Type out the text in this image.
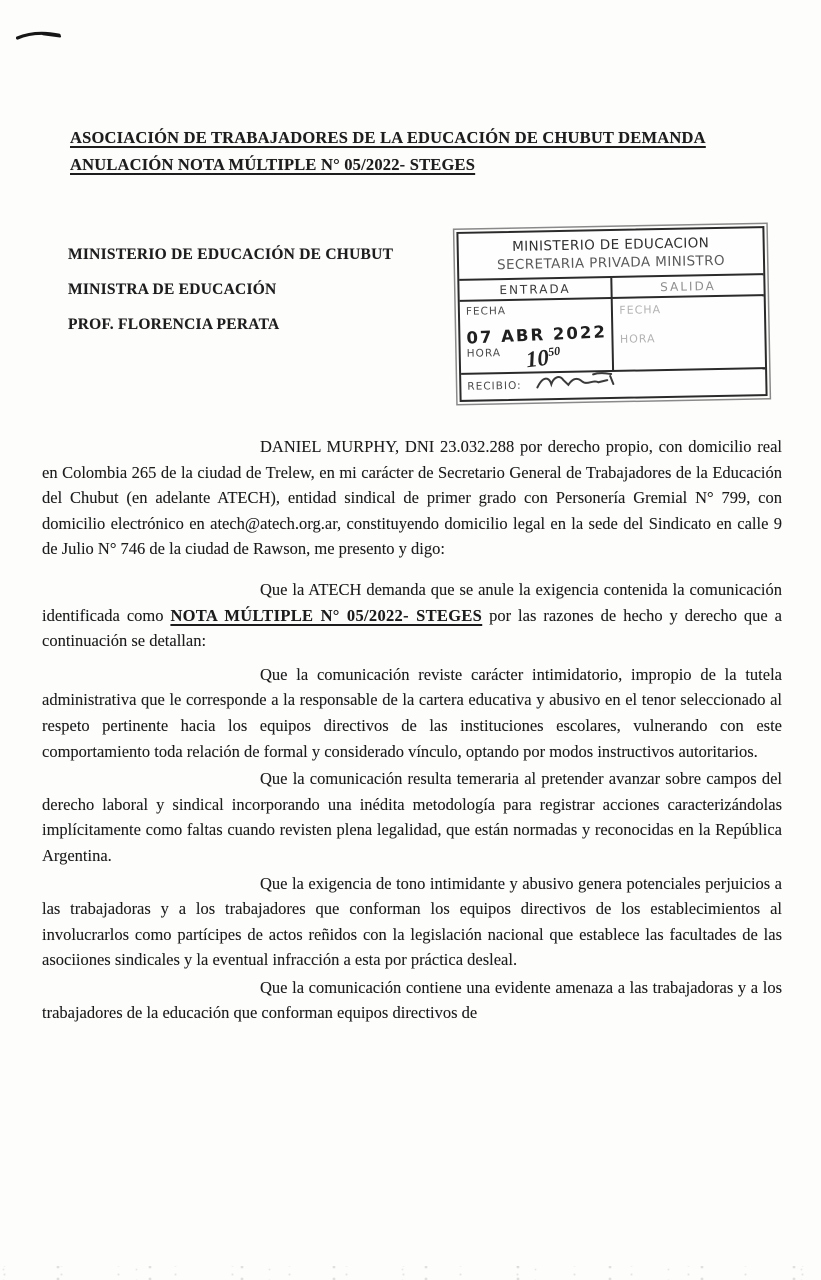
ASOCIACIÓN DE TRABAJADORES DE LA EDUCACIÓN DE CHUBUT DEMANDA
ANULACIÓN NOTA MÚLTIPLE N° 05/2022- STEGES
MINISTERIO DE EDUCACIÓN DE CHUBUT
MINISTRA DE EDUCACIÓN
PROF. FLORENCIA PERATA
MINISTERIO DE EDUCACION
SECRETARIA PRIVADA MINISTRO
ENTRADA	SALIDA
$^{FECHA}$ 07 ABR 2022
$^{HORA}$ $10^{50}$
FECHA
HORA
RECIBIO:

DANIEL MURPHY, DNI 23.032.288 por derecho propio, con domicilio real en Colombia 265 de la ciudad de Trelew, en mi carácter de Secretario General de Trabajadores de la Educación del Chubut (en adelante ATECH), entidad sindical de primer grado con Personería Gremial N° 799, con domicilio electrónico en atech@atech.org.ar, constituyendo domicilio legal en la sede del Sindicato en calle 9 de Julio N° 746 de la ciudad de Rawson, me presento y digo:

Que la ATECH demanda que se anule la exigencia contenida la comunicación identificada como NOTA MÚLTIPLE N° 05/2022- STEGES por las razones de hecho y derecho que a continuación se detallan:

Que la comunicación reviste carácter intimidatorio, impropio de la tutela administrativa que le corresponde a la responsable de la cartera educativa y abusivo en el tenor seleccionado al respeto pertinente hacia los equipos directivos de las instituciones escolares, vulnerando con este comportamiento toda relación de formal y considerado vínculo, optando por modos instructivos autoritarios.

Que la comunicación resulta temeraria al pretender avanzar sobre campos del derecho laboral y sindical incorporando una inédita metodología para registrar acciones caracterizándolas implícitamente como faltas cuando revisten plena legalidad, que están normadas y reconocidas en la República Argentina.

Que la exigencia de tono intimidante y abusivo genera potenciales perjuicios a las trabajadoras y a los trabajadores que conforman los equipos directivos de los establecimientos al involucrarlos como partícipes de actos reñidos con la legislación nacional que establece las facultades de las asociiones sindicales y la eventual infracción a esta por práctica desleal.

Que la comunicación contiene una evidente amenaza a las trabajadoras y a los trabajadores de la educación que conforman equipos directivos de
